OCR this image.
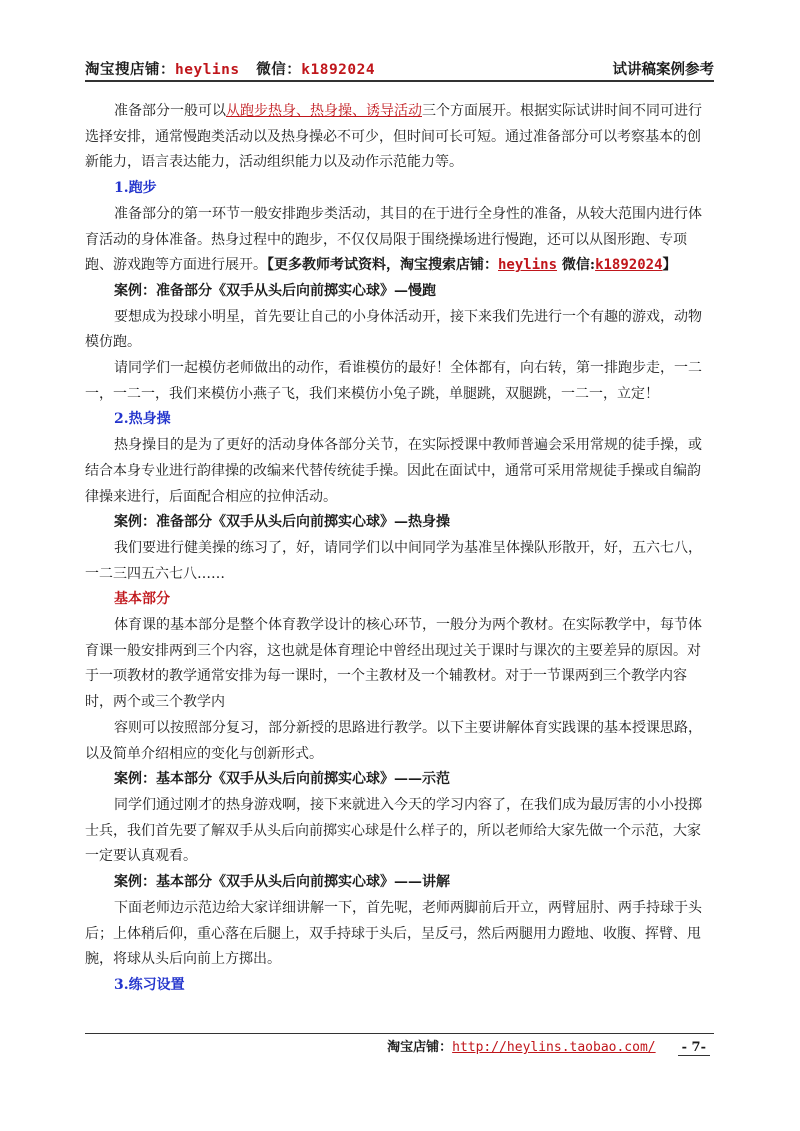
淘宝搜店铺：heylins 微信：k1892024	试讲稿案例参考

准备部分一般可以从跑步热身、热身操、诱导活动三个方面展开。根据实际试讲时间不同可进行选择安排，通常慢跑类活动以及热身操必不可少，但时间可长可短。通过准备部分可以考察基本的创新能力，语言表达能力，活动组织能力以及动作示范能力等。

1.跑步

准备部分的第一环节一般安排跑步类活动，其目的在于进行全身性的准备，从较大范围内进行体育活动的身体准备。热身过程中的跑步，不仅仅局限于围绕操场进行慢跑，还可以从图形跑、专项跑、游戏跑等方面进行展开。【更多教师考试资料，淘宝搜索店铺：heylins 微信:k1892024】

案例：准备部分《双手从头后向前掷实心球》—慢跑

要想成为投球小明星，首先要让自己的小身体活动开，接下来我们先进行一个有趣的游戏，动物模仿跑。

请同学们一起模仿老师做出的动作，看谁模仿的最好！全体都有，向右转，第一排跑步走，一二一，一二一，我们来模仿小燕子飞，我们来模仿小兔子跳，单腿跳，双腿跳，一二一，立定！

2.热身操

热身操目的是为了更好的活动身体各部分关节，在实际授课中教师普遍会采用常规的徒手操，或结合本身专业进行韵律操的改编来代替传统徒手操。因此在面试中，通常可采用常规徒手操或自编韵律操来进行，后面配合相应的拉伸活动。

案例：准备部分《双手从头后向前掷实心球》—热身操

我们要进行健美操的练习了，好，请同学们以中间同学为基准呈体操队形散开，好，五六七八，一二三四五六七八……

基本部分

体育课的基本部分是整个体育教学设计的核心环节，一般分为两个教材。在实际教学中，每节体育课一般安排两到三个内容，这也就是体育理论中曾经出现过关于课时与课次的主要差异的原因。对于一项教材的教学通常安排为每一课时，一个主教材及一个辅教材。对于一节课两到三个教学内容时，两个或三个教学内

容则可以按照部分复习，部分新授的思路进行教学。以下主要讲解体育实践课的基本授课思路，以及简单介绍相应的变化与创新形式。

案例：基本部分《双手从头后向前掷实心球》——示范

同学们通过刚才的热身游戏啊，接下来就进入今天的学习内容了，在我们成为最厉害的小小投掷士兵，我们首先要了解双手从头后向前掷实心球是什么样子的，所以老师给大家先做一个示范，大家一定要认真观看。

案例：基本部分《双手从头后向前掷实心球》——讲解

下面老师边示范边给大家详细讲解一下，首先呢，老师两脚前后开立，两臂屈肘、两手持球于头后；上体稍后仰，重心落在后腿上，双手持球于头后，呈反弓，然后两腿用力蹬地、收腹、挥臂、甩腕，将球从头后向前上方掷出。

3.练习设置

淘宝店铺：http://heylins.taobao.com/ - 7-
